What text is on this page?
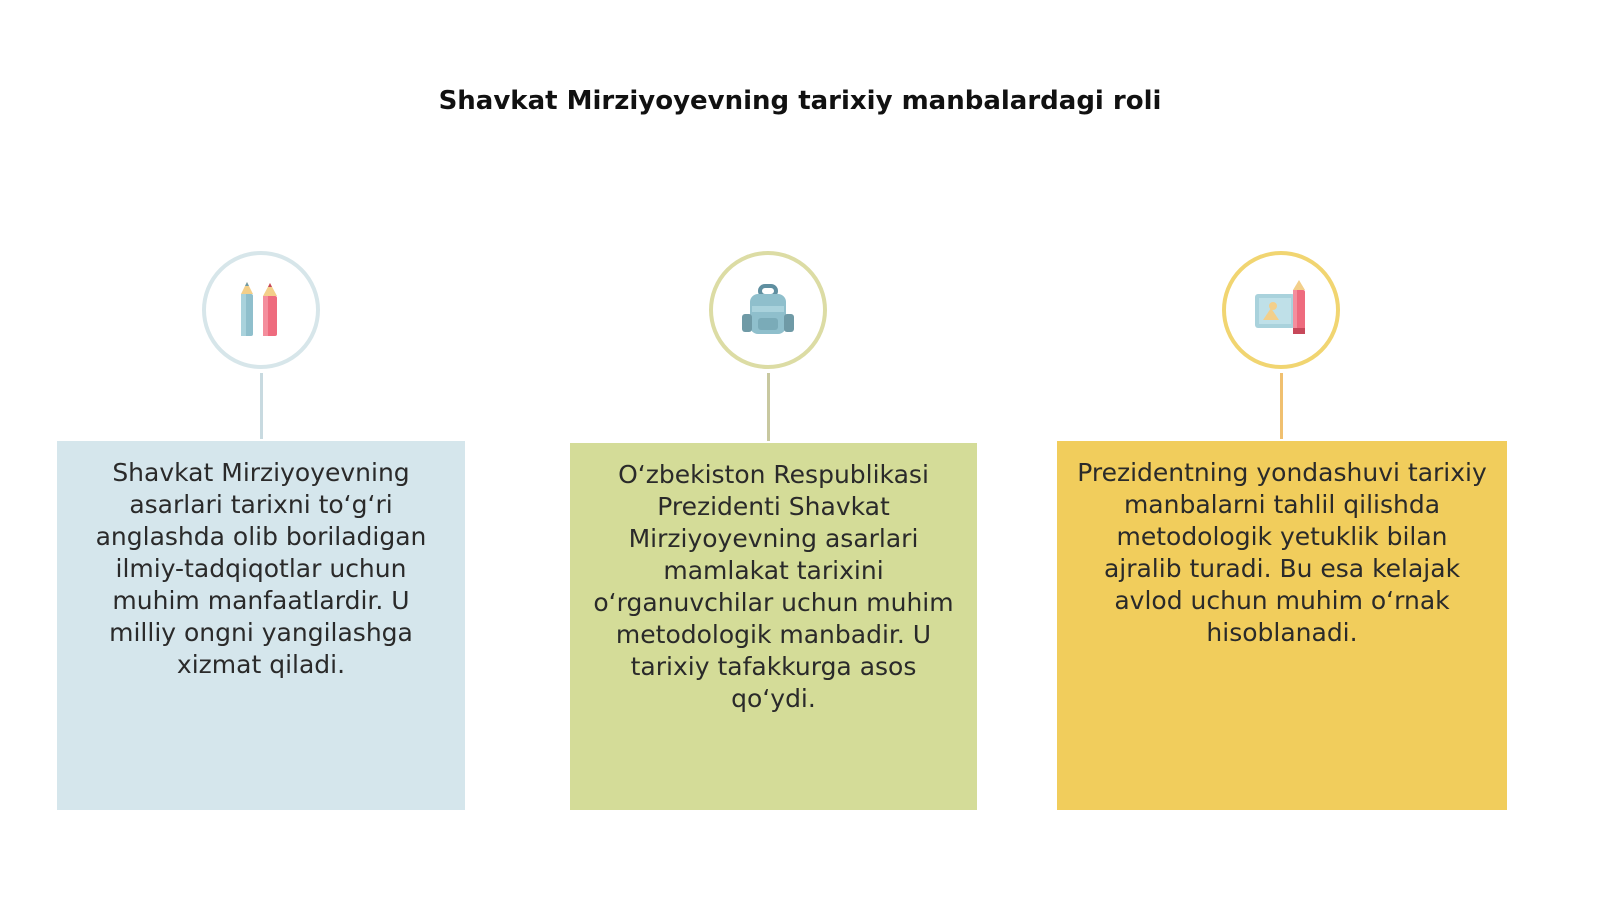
Shavkat Mirziyoyevning tarixiy manbalardagi roli
Shavkat Mirziyoyevning asarlari tarixni to‘g‘ri anglashda olib boriladigan ilmiy-tadqiqotlar uchun muhim manfaatlardir. U milliy ongni yangilashga xizmat qiladi.
O‘zbekiston Respublikasi Prezidenti Shavkat Mirziyoyevning asarlari mamlakat tarixini o‘rganuvchilar uchun muhim metodologik manbadir. U tarixiy tafakkurga asos qo‘ydi.
Prezidentning yondashuvi tarixiy manbalarni tahlil qilishda metodologik yetuklik bilan ajralib turadi. Bu esa kelajak avlod uchun muhim o‘rnak hisoblanadi.
